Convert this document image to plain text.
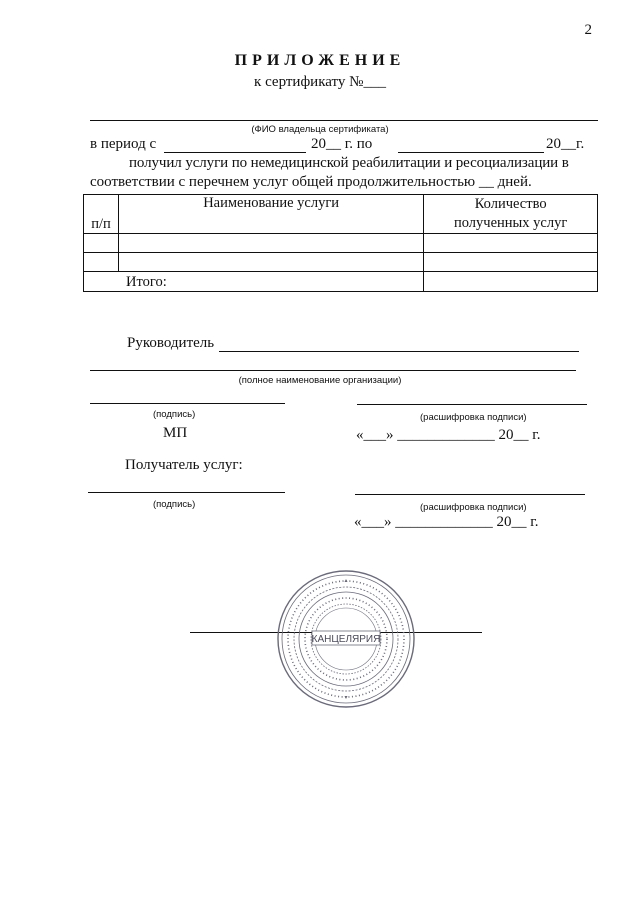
2
ПРИЛОЖЕНИЕ
к сертификату №___
(ФИО владельца сертификата)
в период с	20__ г. по	20__г.
получил услуги по немедицинской реабилитации и ресоциализации в
соответствии с перечнем услуг общей продолжительностью __ дней.
п/п	Наименование услуги	Количество
полученных услуг

Итого:		
Руководитель
(полное наименование организации)
(подпись)	(расшифровка подписи)
МП	«___» _____________ 20__ г.
Получатель услуг:
(подпись)	(расшифровка подписи)
«___» _____________ 20__ г.
КАНЦЕЛЯРИЯ
